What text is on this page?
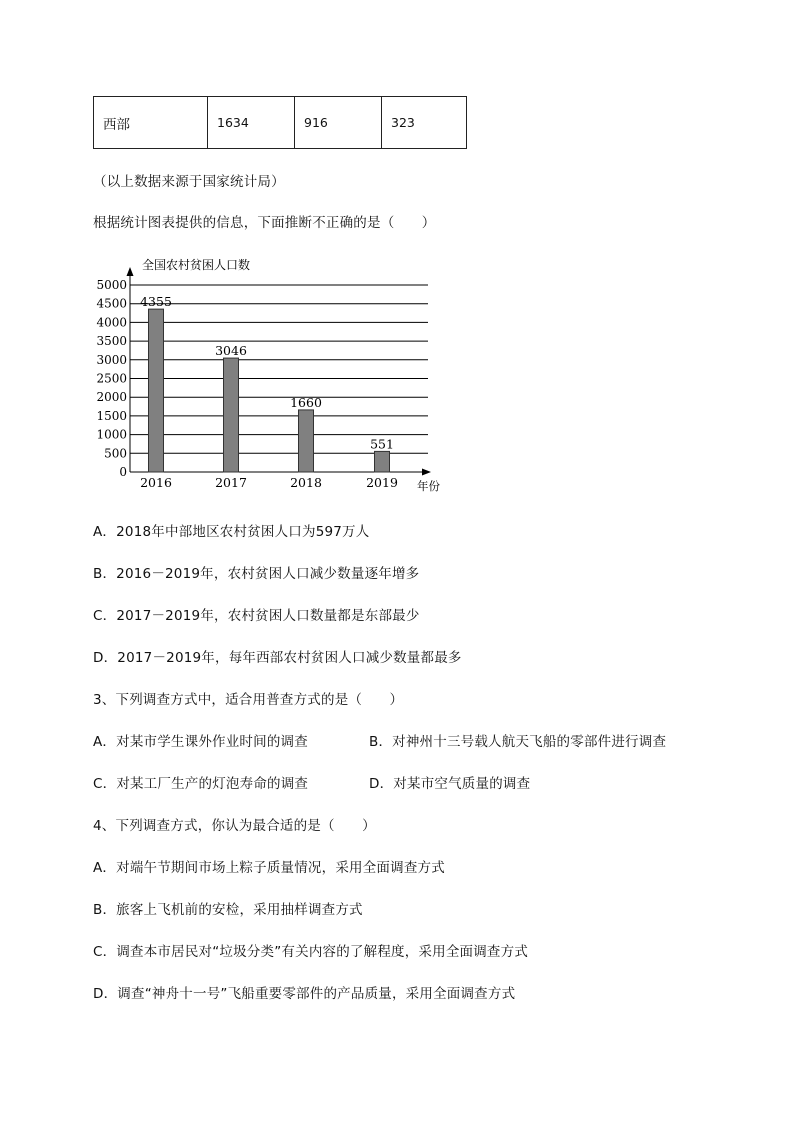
西部	1634	916	323
（以上数据来源于国家统计局）
根据统计图表提供的信息，下面推断不正确的是（　　）
0
500
1000
1500
2000
2500
3000
3500
4000
4500
5000
4355
3046
1660
551
2016	2017	2018	2019
全国农村贫困人口数
年份
A．2018年中部地区农村贫困人口为597万人
B．2016－2019年，农村贫困人口减少数量逐年增多
C．2017－2019年，农村贫困人口数量都是东部最少
D．2017－2019年，每年西部农村贫困人口减少数量都最多
3、下列调查方式中，适合用普查方式的是（　　）
A．对某市学生课外作业时间的调查	B．对神州十三号载人航天飞船的零部件进行调查
C．对某工厂生产的灯泡寿命的调查	D．对某市空气质量的调查
4、下列调查方式，你认为最合适的是（　　）
A．对端午节期间市场上粽子质量情况，采用全面调查方式
B．旅客上飞机前的安检，采用抽样调查方式
C．调查本市居民对“垃圾分类”有关内容的了解程度，采用全面调查方式
D．调查“神舟十一号”飞船重要零部件的产品质量，采用全面调查方式
